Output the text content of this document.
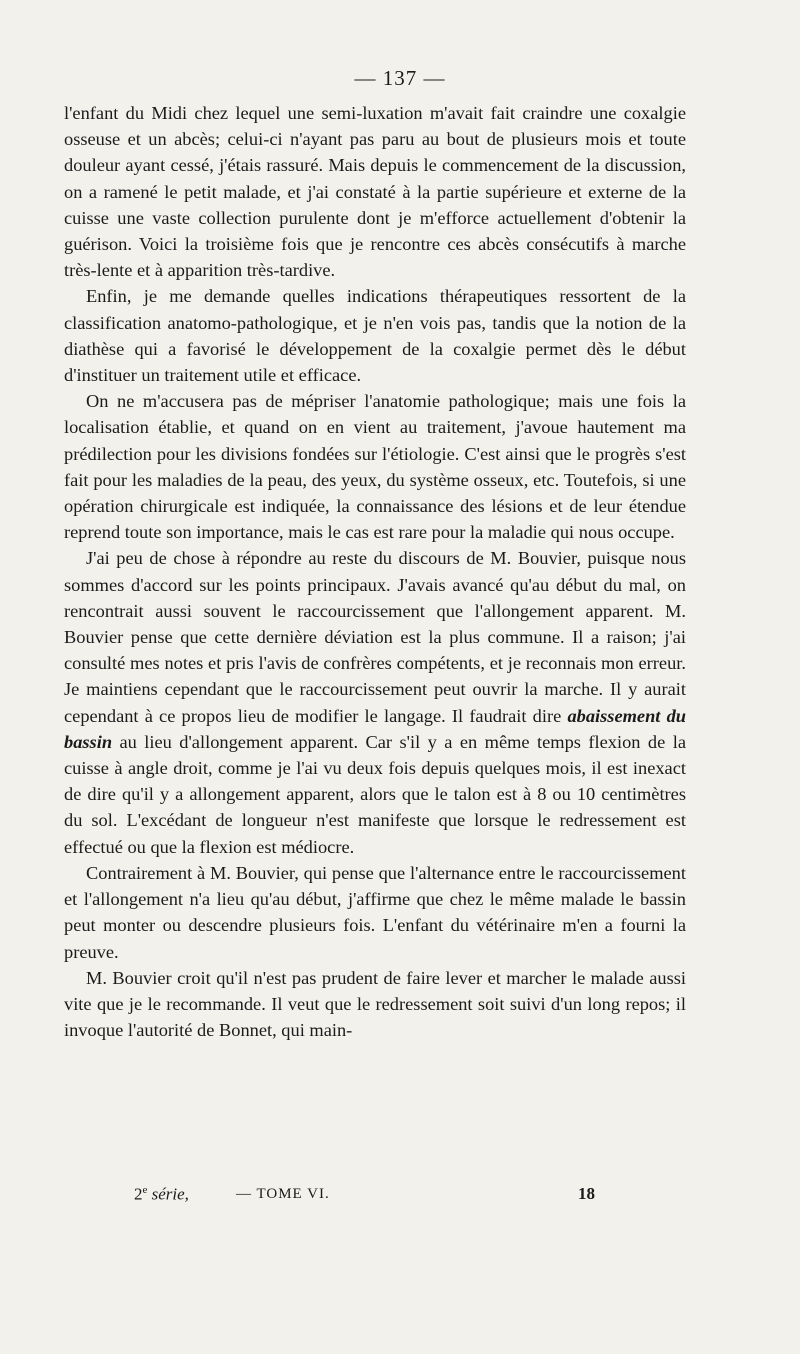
— 137 —

l'enfant du Midi chez lequel une semi-luxation m'avait fait craindre une coxalgie osseuse et un abcès; celui-ci n'ayant pas paru au bout de plusieurs mois et toute douleur ayant cessé, j'étais rassuré. Mais depuis le commencement de la discussion, on a ramené le petit malade, et j'ai constaté à la partie supérieure et externe de la cuisse une vaste collection purulente dont je m'efforce actuellement d'obtenir la guérison. Voici la troisième fois que je rencontre ces abcès consécutifs à marche très-lente et à apparition très-tardive.

Enfin, je me demande quelles indications thérapeutiques ressortent de la classification anatomo-pathologique, et je n'en vois pas, tandis que la notion de la diathèse qui a favorisé le développement de la coxalgie permet dès le début d'instituer un traitement utile et efficace.

On ne m'accusera pas de mépriser l'anatomie pathologique; mais une fois la localisation établie, et quand on en vient au traitement, j'avoue hautement ma prédilection pour les divisions fondées sur l'étiologie. C'est ainsi que le progrès s'est fait pour les maladies de la peau, des yeux, du système osseux, etc. Toutefois, si une opération chirurgicale est indiquée, la connaissance des lésions et de leur étendue reprend toute son importance, mais le cas est rare pour la maladie qui nous occupe.

J'ai peu de chose à répondre au reste du discours de M. Bouvier, puisque nous sommes d'accord sur les points principaux. J'avais avancé qu'au début du mal, on rencontrait aussi souvent le raccourcissement que l'allongement apparent. M. Bouvier pense que cette dernière déviation est la plus commune. Il a raison; j'ai consulté mes notes et pris l'avis de confrères compétents, et je reconnais mon erreur. Je maintiens cependant que le raccourcissement peut ouvrir la marche. Il y aurait cependant à ce propos lieu de modifier le langage. Il faudrait dire abaissement du bassin au lieu d'allongement apparent. Car s'il y a en même temps flexion de la cuisse à angle droit, comme je l'ai vu deux fois depuis quelques mois, il est inexact de dire qu'il y a allongement apparent, alors que le talon est à 8 ou 10 centimètres du sol. L'excédant de longueur n'est manifeste que lorsque le redressement est effectué ou que la flexion est médiocre.

Contrairement à M. Bouvier, qui pense que l'alternance entre le raccourcissement et l'allongement n'a lieu qu'au début, j'affirme que chez le même malade le bassin peut monter ou descendre plusieurs fois. L'enfant du vétérinaire m'en a fourni la preuve.

M. Bouvier croit qu'il n'est pas prudent de faire lever et marcher le malade aussi vite que je le recommande. Il veut que le redressement soit suivi d'un long repos; il invoque l'autorité de Bonnet, qui main-

2e série,	— TOME VI.	18
